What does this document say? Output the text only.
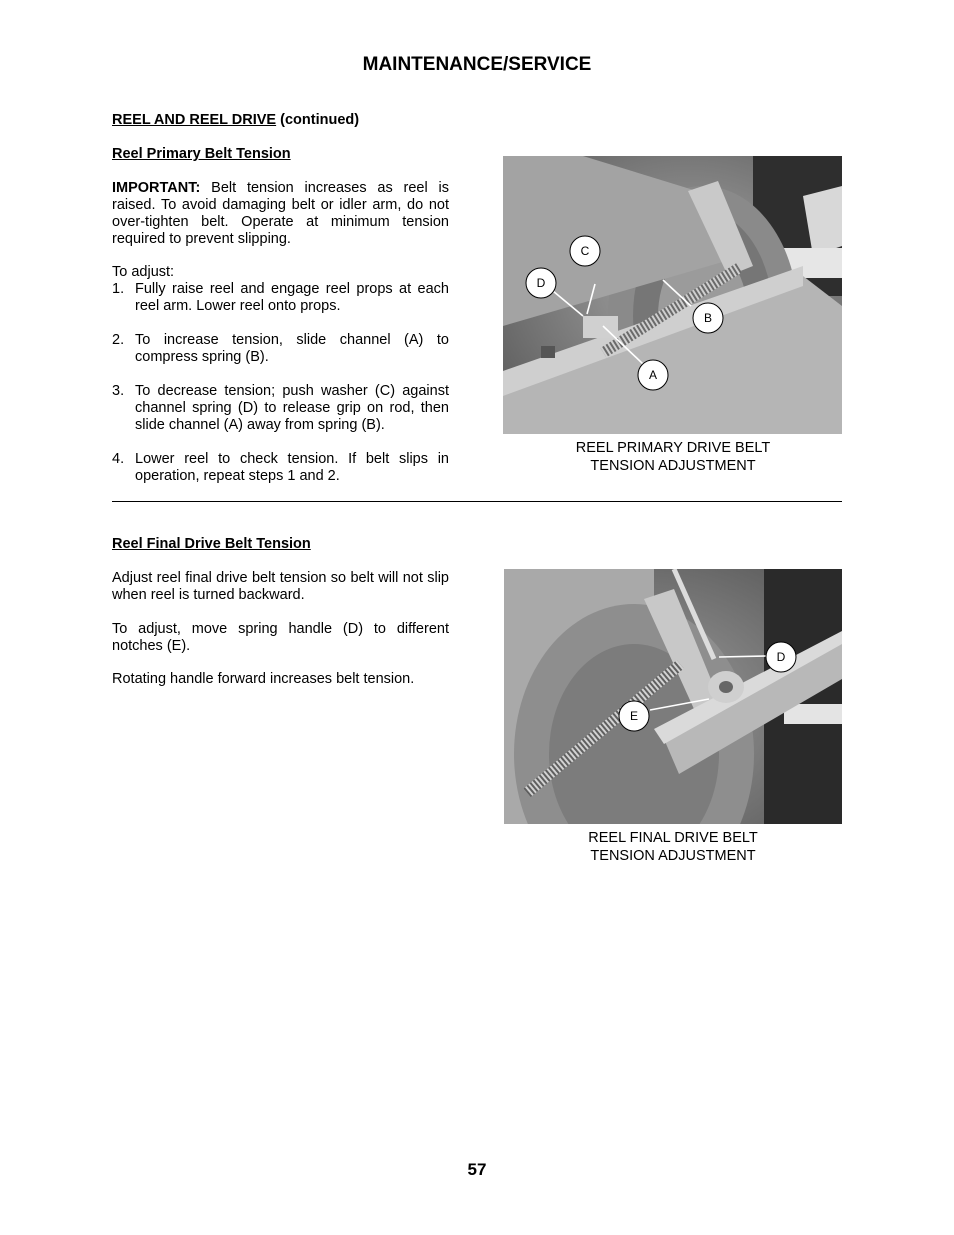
MAINTENANCE/SERVICE
REEL AND REEL DRIVE (continued)
Reel Primary Belt Tension
IMPORTANT: Belt tension increases as reel is raised. To avoid damaging belt or idler arm, do not over-tighten belt. Operate at minimum tension required to prevent slipping.
To adjust:
1. Fully raise reel and engage reel props at each reel arm. Lower reel onto props.
2. To increase tension, slide channel (A) to compress spring (B).
3. To decrease tension; push washer (C) against channel spring (D) to release grip on rod, then slide channel (A) away from spring (B).
4. Lower reel to check tension. If belt slips in operation, repeat steps 1 and 2.
C
D
B
A
REEL PRIMARY DRIVE BELT
TENSION ADJUSTMENT
Reel Final Drive Belt Tension
Adjust reel final drive belt tension so belt will not slip when reel is turned backward.
To adjust, move spring handle (D) to different notches (E).
Rotating handle forward increases belt tension.
D
E
REEL FINAL DRIVE BELT
TENSION ADJUSTMENT
57
